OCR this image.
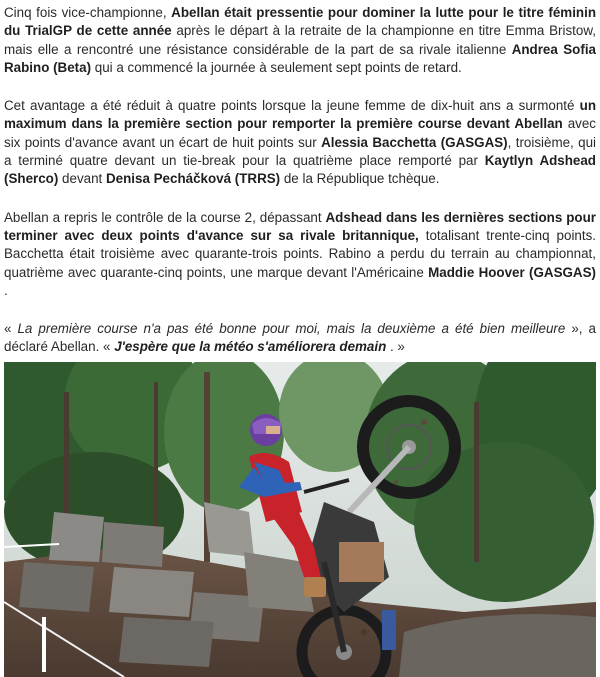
Cinq fois vice-championne, Abellan était pressentie pour dominer la lutte pour le titre féminin du TrialGP de cette année après le départ à la retraite de la championne en titre Emma Bristow, mais elle a rencontré une résistance considérable de la part de sa rivale italienne Andrea Sofia Rabino (Beta) qui a commencé la journée à seulement sept points de retard.

Cet avantage a été réduit à quatre points lorsque la jeune femme de dix-huit ans a surmonté un maximum dans la première section pour remporter la première course devant Abellan avec six points d'avance avant un écart de huit points sur Alessia Bacchetta (GASGAS), troisième, qui a terminé quatre devant un tie-break pour la quatrième place remporté par Kaytlyn Adshead (Sherco) devant Denisa Pecháčková (TRRS) de la République tchèque.

Abellan a repris le contrôle de la course 2, dépassant Adshead dans les dernières sections pour terminer avec deux points d'avance sur sa rivale britannique, totalisant trente-cinq points. Bacchetta était troisième avec quarante-trois points. Rabino a perdu du terrain au championnat, quatrième avec quarante-cinq points, une marque devant l'Américaine Maddie Hoover (GASGAS) .

« La première course n'a pas été bonne pour moi, mais la deuxième a été bien meilleure », a déclaré Abellan. « J'espère que la météo s'améliorera demain . »
